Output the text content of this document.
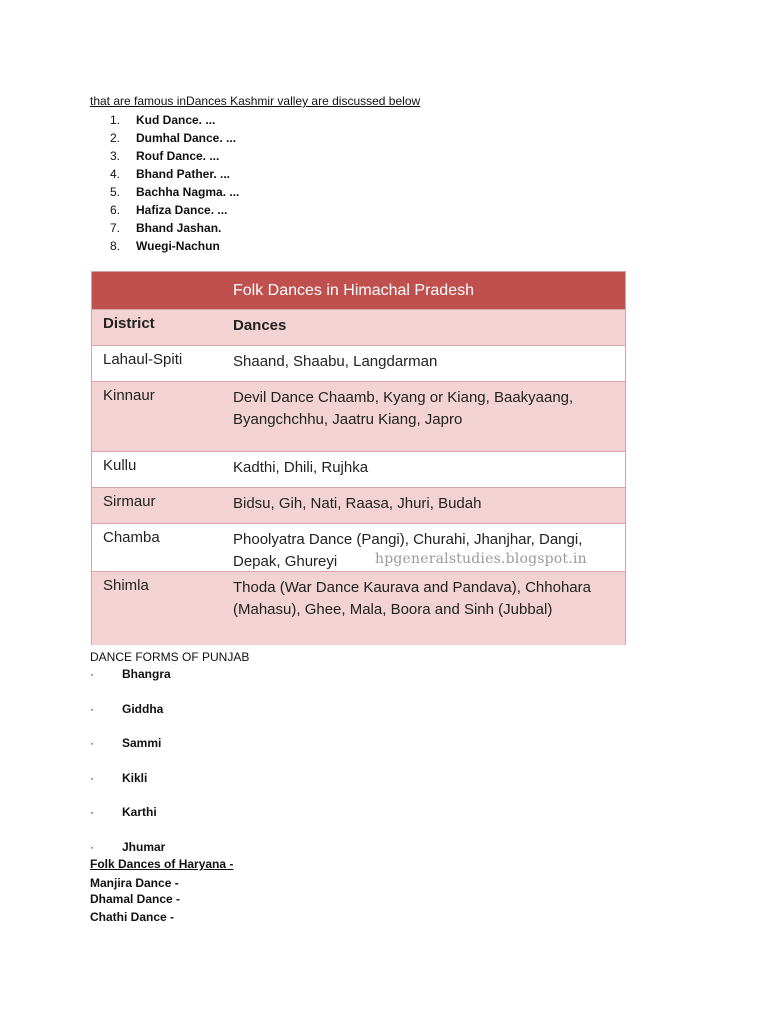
that are famous inDances Kashmir valley are discussed below
1.	Kud Dance. ...
2.	Dumhal Dance. ...
3.	Rouf Dance. ...
4.	Bhand Pather. ...
5.	Bachha Nagma. ...
6.	Hafiza Dance. ...
7.	Bhand Jashan.
8.	Wuegi-Nachun
Folk Dances in Himachal Pradesh
District	Dances
Lahaul-Spiti	Shaand, Shaabu, Langdarman
Kinnaur	Devil Dance Chaamb, Kyang or Kiang, Baakyaang, Byangchchhu, Jaatru Kiang, Japro
Kullu	Kadthi, Dhili, Rujhka
Sirmaur	Bidsu, Gih, Nati, Raasa, Jhuri, Budah
Chamba	Phoolyatra Dance (Pangi), Churahi, Jhanjhar, Dangi, Depak, Ghureyi
Shimla	Thoda (War Dance Kaurava and Pandava), Chhohara (Mahasu), Ghee, Mala, Boora and Sinh (Jubbal)
hpgeneralstudies.blogspot.in
DANCE FORMS OF PUNJAB
· Bhangra
· Giddha
· Sammi
· Kikli
· Karthi
· Jhumar
Folk Dances of Haryana -
Manjira Dance -
Dhamal Dance -
Chathi Dance -
